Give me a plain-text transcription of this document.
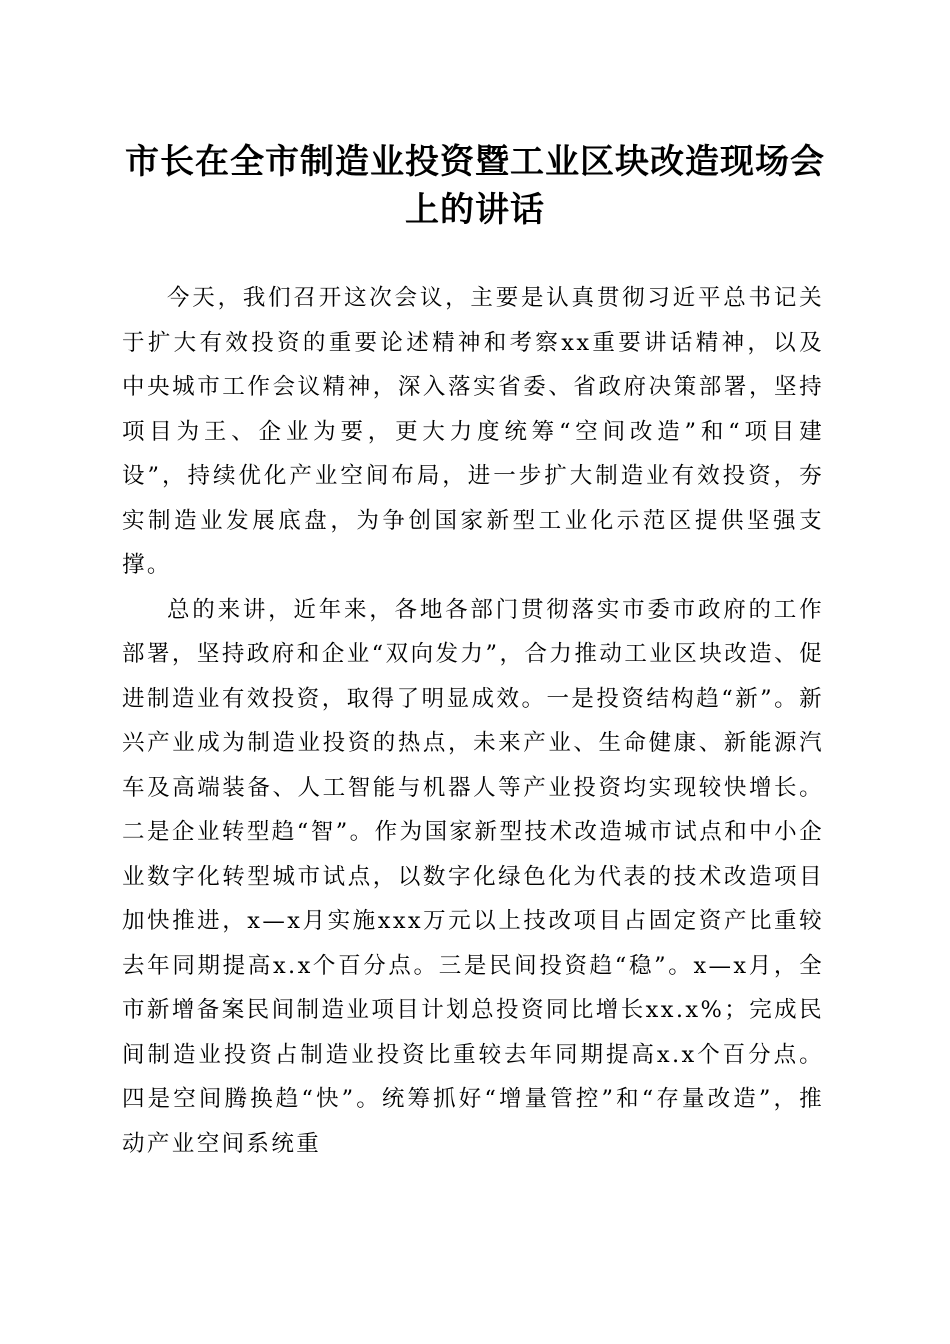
市长在全市制造业投资暨工业区块改造现场会
上的讲话

今天，我们召开这次会议，主要是认真贯彻习近平总书记关于扩大有效投资的重要论述精神和考察xx重要讲话精神，以及中央城市工作会议精神，深入落实省委、省政府决策部署，坚持项目为王、企业为要，更大力度统筹“空间改造”和“项目建设”，持续优化产业空间布局，进一步扩大制造业有效投资，夯实制造业发展底盘，为争创国家新型工业化示范区提供坚强支撑。

总的来讲，近年来，各地各部门贯彻落实市委市政府的工作部署，坚持政府和企业“双向发力”，合力推动工业区块改造、促进制造业有效投资，取得了明显成效。一是投资结构趋“新”。新兴产业成为制造业投资的热点，未来产业、生命健康、新能源汽车及高端装备、人工智能与机器人等产业投资均实现较快增长。二是企业转型趋“智”。作为国家新型技术改造城市试点和中小企业数字化转型城市试点，以数字化绿色化为代表的技术改造项目加快推进，x—x月实施xxx万元以上技改项目占固定资产比重较去年同期提高x.x个百分点。三是民间投资趋“稳”。x—x月，全市新增备案民间制造业项目计划总投资同比增长xx.x%；完成民间制造业投资占制造业投资比重较去年同期提高x.x个百分点。四是空间腾换趋“快”。统筹抓好“增量管控”和“存量改造”，推动产业空间系统重
